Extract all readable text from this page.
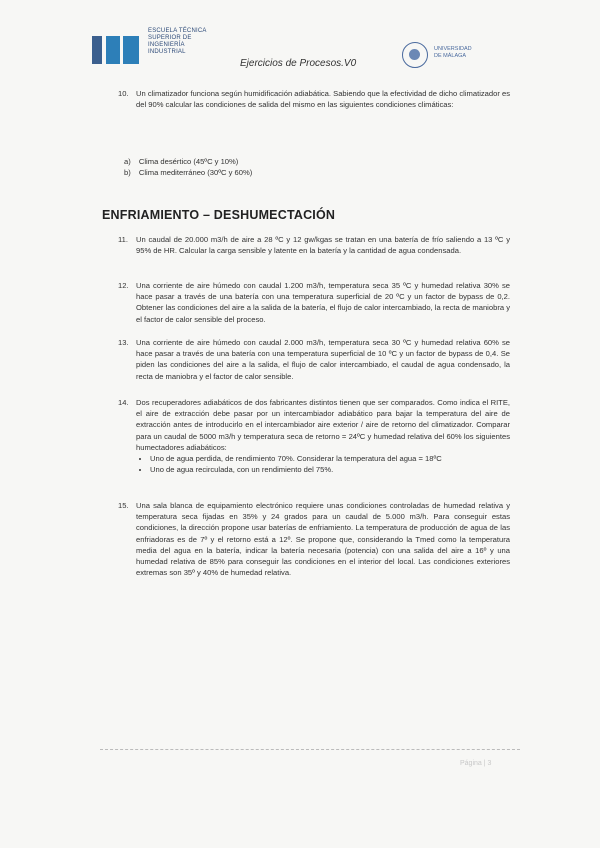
ESCUELA TÉCNICA
SUPERIOR DE
INGENIERÍA
INDUSTRIAL
Ejercicios de Procesos.V0
UNIVERSIDAD
DE MÁLAGA
10. Un climatizador funciona según humidificación adiabática. Sabiendo que la efectividad de dicho climatizador es del 90% calcular las condiciones de salida del mismo en las siguientes condiciones climáticas:
a) Clima desértico (45ºC y 10%)
b) Clima mediterráneo (30ºC y 60%)
ENFRIAMIENTO – DESHUMECTACIÓN
11.	Un caudal de 20.000 m3/h de aire a 28 ºC y 12 gw/kgas se tratan en una batería de frío saliendo a 13 ºC y 95% de HR. Calcular la carga sensible y latente en la batería y la cantidad de agua condensada.
12. Una corriente de aire húmedo con caudal 1.200 m3/h, temperatura seca 35 ºC y humedad relativa 30% se hace pasar a través de una batería con una temperatura superficial de 20 ºC y un factor de bypass de 0,2. Obtener las condiciones del aire a la salida de la batería, el flujo de calor intercambiado, la recta de maniobra y el factor de calor sensible del proceso.
13. Una corriente de aire húmedo con caudal 2.000 m3/h, temperatura seca 30 ºC y humedad relativa 60% se hace pasar a través de una batería con una temperatura superficial de 10 ºC y un factor de bypass de 0,4. Se piden las condiciones del aire a la salida, el flujo de calor intercambiado, el caudal de agua condensado, la recta de maniobra y el factor de calor sensible.
14. Dos recuperadores adiabáticos de dos fabricantes distintos tienen que ser comparados. Como indica el RITE, el aire de extracción debe pasar por un intercambiador adiabático para bajar la temperatura del aire de extracción antes de introducirlo en el intercambiador aire exterior / aire de retorno del climatizador. Comparar para un caudal de 5000 m3/h y temperatura seca de retorno = 24ºC y humedad relativa del 60% los siguientes humectadores adiabáticos:
• Uno de agua perdida, de rendimiento 70%. Considerar la temperatura del agua = 18ºC
• Uno de agua recirculada, con un rendimiento del 75%.
15. Una sala blanca de equipamiento electrónico requiere unas condiciones controladas de humedad relativa y temperatura seca fijadas en 35% y 24 grados para un caudal de 5.000 m3/h. Para conseguir estas condiciones, la dirección propone usar baterías de enfriamiento. La temperatura de producción de agua de las enfriadoras es de 7º y el retorno está a 12º. Se propone que, considerando la Tmed como la temperatura media del agua en la batería, indicar la batería necesaria (potencia) con una salida del aire a 16º y una humedad relativa de 85% para conseguir las condiciones en el interior del local. Las condiciones exteriores extremas son 35º y 40% de humedad relativa.
Página | 3
